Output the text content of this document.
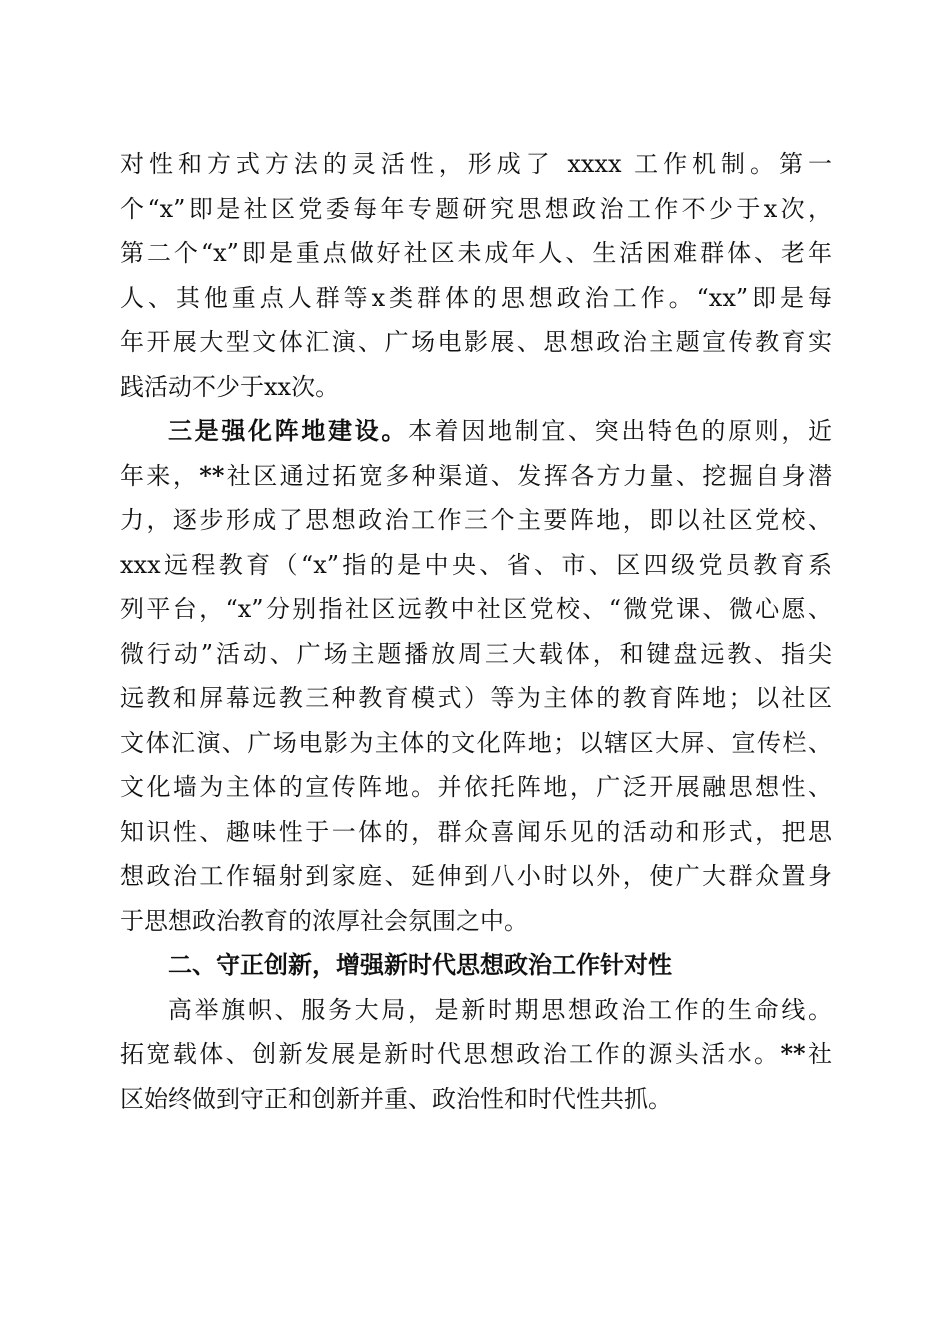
对性和方式方法的灵活性，形成了 xxxx 工作机制。第一
个“x”即是社区党委每年专题研究思想政治工作不少于x次，
第二个“x”即是重点做好社区未成年人、生活困难群体、老年
人、其他重点人群等x类群体的思想政治工作。“xx”即是每
年开展大型文体汇演、广场电影展、思想政治主题宣传教育实
践活动不少于xx次。
三是强化阵地建设。本着因地制宜、突出特色的原则，近
年来，**社区通过拓宽多种渠道、发挥各方力量、挖掘自身潜
力，逐步形成了思想政治工作三个主要阵地，即以社区党校、
xxx远程教育（“x”指的是中央、省、市、区四级党员教育系
列平台，“x”分别指社区远教中社区党校、“微党课、微心愿、
微行动”活动、广场主题播放周三大载体，和键盘远教、指尖
远教和屏幕远教三种教育模式）等为主体的教育阵地；以社区
文体汇演、广场电影为主体的文化阵地；以辖区大屏、宣传栏、
文化墙为主体的宣传阵地。并依托阵地，广泛开展融思想性、
知识性、趣味性于一体的，群众喜闻乐见的活动和形式，把思
想政治工作辐射到家庭、延伸到八小时以外，使广大群众置身
于思想政治教育的浓厚社会氛围之中。
二、守正创新，增强新时代思想政治工作针对性
高举旗帜、服务大局，是新时期思想政治工作的生命线。
拓宽载体、创新发展是新时代思想政治工作的源头活水。**社
区始终做到守正和创新并重、政治性和时代性共抓。
